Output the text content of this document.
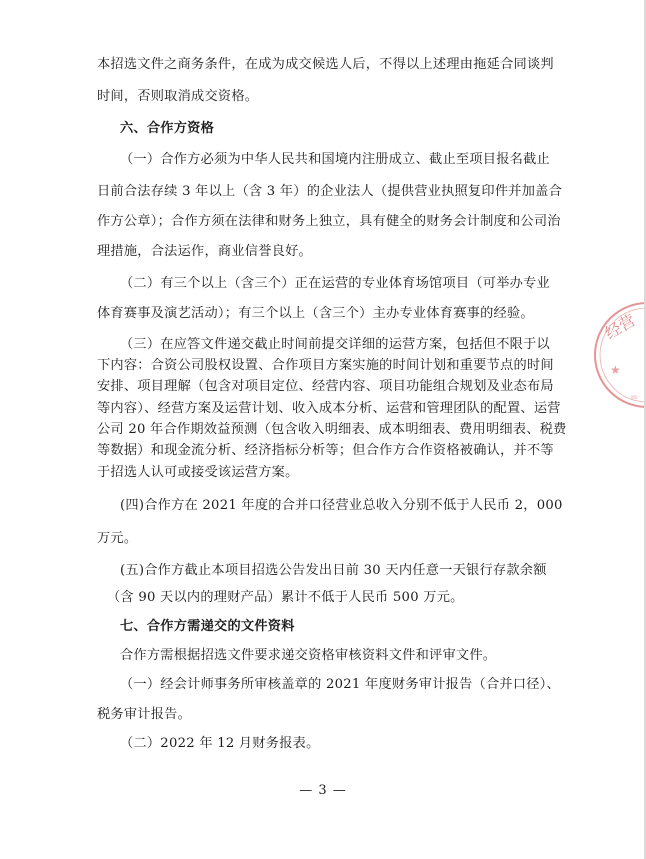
本招选文件之商务条件，在成为成交候选人后，不得以上述理由拖延合同谈判
时间，否则取消成交资格。
六、合作方资格
（一）合作方必须为中华人民共和国境内注册成立、截止至项目报名截止
日前合法存续 3 年以上（含 3 年）的企业法人（提供营业执照复印件并加盖合
作方公章）；合作方须在法律和财务上独立，具有健全的财务会计制度和公司治
理措施，合法运作，商业信誉良好。
（二）有三个以上（含三个）正在运营的专业体育场馆项目（可举办专业
体育赛事及演艺活动）；有三个以上（含三个）主办专业体育赛事的经验。
（三）在应答文件递交截止时间前提交详细的运营方案，包括但不限于以
下内容：合资公司股权设置、合作项目方案实施的时间计划和重要节点的时间
安排、项目理解（包含对项目定位、经营内容、项目功能组合规划及业态布局
等内容）、经营方案及运营计划、收入成本分析、运营和管理团队的配置、运营
公司 20 年合作期效益预测（包含收入明细表、成本明细表、费用明细表、税费
等数据）和现金流分析、经济指标分析等；但合作方合作资格被确认，并不等
于招选人认可或接受该运营方案。
(四)合作方在 2021 年度的合并口径营业总收入分别不低于人民币 2，000
万元。
(五)合作方截止本项目招选公告发出日前 30 天内任意一天银行存款余额
（含 90 天以内的理财产品）累计不低于人民币 500 万元。
七、合作方需递交的文件资料
合作方需根据招选文件要求递交资格审核资料文件和评审文件。
（一）经会计师事务所审核盖章的 2021 年度财务审计报告（合并口径）、
税务审计报告。
（二）2022 年 12 月财务报表。
— 3 —
经营
★
=
